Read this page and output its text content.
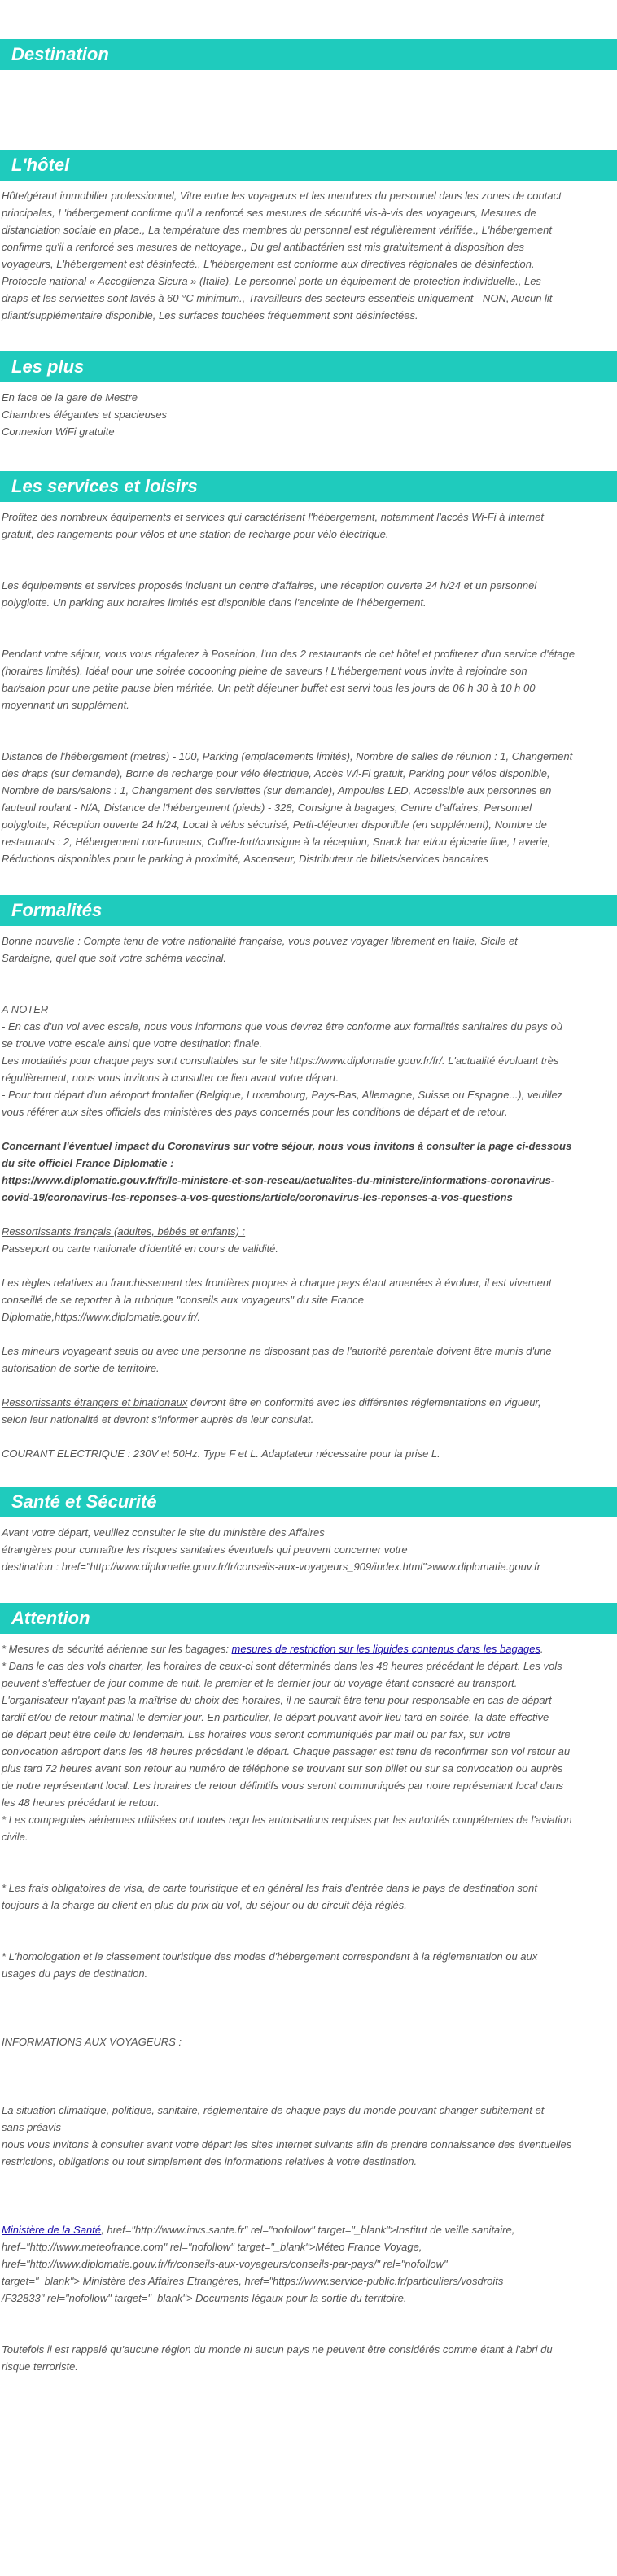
Destination
L'hôtel

Hôte/gérant immobilier professionnel, Vitre entre les voyageurs et les membres du personnel dans les zones de contact

principales, L'hébergement confirme qu'il a renforcé ses mesures de sécurité vis-à-vis des voyageurs, Mesures de

distanciation sociale en place., La température des membres du personnel est régulièrement vérifiée., L'hébergement

confirme qu'il a renforcé ses mesures de nettoyage., Du gel antibactérien est mis gratuitement à disposition des

voyageurs, L'hébergement est désinfecté., L'hébergement est conforme aux directives régionales de désinfection.

Protocole national « Accoglienza Sicura » (Italie), Le personnel porte un équipement de protection individuelle., Les

draps et les serviettes sont lavés à 60 °C minimum., Travailleurs des secteurs essentiels uniquement - NON, Aucun lit

pliant/supplémentaire disponible, Les surfaces touchées fréquemment sont désinfectées.

Les plus

En face de la gare de Mestre

Chambres élégantes et spacieuses

Connexion WiFi gratuite

Les services et loisirs

Profitez des nombreux équipements et services qui caractérisent l'hébergement, notamment l'accès Wi-Fi à Internet

gratuit, des rangements pour vélos et une station de recharge pour vélo électrique.

Les équipements et services proposés incluent un centre d'affaires, une réception ouverte 24 h/24 et un personnel

polyglotte. Un parking aux horaires limités est disponible dans l'enceinte de l'hébergement.

Pendant votre séjour, vous vous régalerez à Poseidon, l'un des 2 restaurants de cet hôtel et profiterez d'un service d'étage

(horaires limités). Idéal pour une soirée cocooning pleine de saveurs ! L'hébergement vous invite à rejoindre son

bar/salon pour une petite pause bien méritée. Un petit déjeuner buffet est servi tous les jours de 06 h 30 à 10 h 00

moyennant un supplément.

Distance de l'hébergement (metres) - 100, Parking (emplacements limités), Nombre de salles de réunion : 1, Changement

des draps (sur demande), Borne de recharge pour vélo électrique, Accès Wi-Fi gratuit, Parking pour vélos disponible,

Nombre de bars/salons : 1, Changement des serviettes (sur demande), Ampoules LED, Accessible aux personnes en

fauteuil roulant - N/A, Distance de l'hébergement (pieds) - 328, Consigne à bagages, Centre d'affaires, Personnel

polyglotte, Réception ouverte 24 h/24, Local à vélos sécurisé, Petit-déjeuner disponible (en supplément), Nombre de

restaurants : 2, Hébergement non-fumeurs, Coffre-fort/consigne à la réception, Snack bar et/ou épicerie fine, Laverie,

Réductions disponibles pour le parking à proximité, Ascenseur, Distributeur de billets/services bancaires

Formalités

Bonne nouvelle : Compte tenu de votre nationalité française, vous pouvez voyager librement en Italie, Sicile et

Sardaigne, quel que soit votre schéma vaccinal.

A NOTER

- En cas d'un vol avec escale, nous vous informons que vous devrez être conforme aux formalités sanitaires du pays où

se trouve votre escale ainsi que votre destination finale.

Les modalités pour chaque pays sont consultables sur le site https://www.diplomatie.gouv.fr/fr/. L'actualité évoluant très

régulièrement, nous vous invitons à consulter ce lien avant votre départ.

- Pour tout départ d'un aéroport frontalier (Belgique, Luxembourg, Pays-Bas, Allemagne, Suisse ou Espagne...), veuillez

vous référer aux sites officiels des ministères des pays concernés pour les conditions de départ et de retour.

Concernant l'éventuel impact du Coronavirus sur votre séjour, nous vous invitons à consulter la page ci-dessous

du site officiel France Diplomatie :

https://www.diplomatie.gouv.fr/fr/le-ministere-et-son-reseau/actualites-du-ministere/informations-coronavirus-

covid-19/coronavirus-les-reponses-a-vos-questions/article/coronavirus-les-reponses-a-vos-questions

Ressortissants français (adultes, bébés et enfants) :

Passeport ou carte nationale d'identité en cours de validité.

Les règles relatives au franchissement des frontières propres à chaque pays étant amenées à évoluer, il est vivement

conseillé de se reporter à la rubrique "conseils aux voyageurs" du site France

Diplomatie,https://www.diplomatie.gouv.fr/.

Les mineurs voyageant seuls ou avec une personne ne disposant pas de l'autorité parentale doivent être munis d'une

autorisation de sortie de territoire.

Ressortissants étrangers et binationaux devront être en conformité avec les différentes réglementations en vigueur,

selon leur nationalité et devront s'informer auprès de leur consulat.

COURANT ELECTRIQUE : 230V et 50Hz. Type F et L. Adaptateur nécessaire pour la prise L.

Santé et Sécurité

Avant votre départ, veuillez consulter le site du ministère des Affaires

étrangères pour connaître les risques sanitaires éventuels qui peuvent concerner votre

destination : href="http://www.diplomatie.gouv.fr/fr/conseils-aux-voyageurs_909/index.html">www.diplomatie.gouv.fr

Attention

* Mesures de sécurité aérienne sur les bagages: mesures de restriction sur les liquides contenus dans les bagages.

* Dans le cas des vols charter, les horaires de ceux-ci sont déterminés dans les 48 heures précédant le départ. Les vols

peuvent s'effectuer de jour comme de nuit, le premier et le dernier jour du voyage étant consacré au transport.

L'organisateur n'ayant pas la maîtrise du choix des horaires, il ne saurait être tenu pour responsable en cas de départ

tardif et/ou de retour matinal le dernier jour. En particulier, le départ pouvant avoir lieu tard en soirée, la date effective

de départ peut être celle du lendemain. Les horaires vous seront communiqués par mail ou par fax, sur votre

convocation aéroport dans les 48 heures précédant le départ. Chaque passager est tenu de reconfirmer son vol retour au

plus tard 72 heures avant son retour au numéro de téléphone se trouvant sur son billet ou sur sa convocation ou auprès

de notre représentant local. Les horaires de retour définitifs vous seront communiqués par notre représentant local dans

les 48 heures précédant le retour.

* Les compagnies aériennes utilisées ont toutes reçu les autorisations requises par les autorités compétentes de l'aviation

civile.

* Les frais obligatoires de visa, de carte touristique et en général les frais d'entrée dans le pays de destination sont

toujours à la charge du client en plus du prix du vol, du séjour ou du circuit déjà réglés.

* L'homologation et le classement touristique des modes d'hébergement correspondent à la réglementation ou aux

usages du pays de destination.

INFORMATIONS AUX VOYAGEURS :

La situation climatique, politique, sanitaire, réglementaire de chaque pays du monde pouvant changer subitement et

sans préavis

nous vous invitons à consulter avant votre départ les sites Internet suivants afin de prendre connaissance des éventuelles

restrictions, obligations ou tout simplement des informations relatives à votre destination.

Ministère de la Santé, href="http://www.invs.sante.fr" rel="nofollow" target="_blank">Institut de veille sanitaire,

href="http://www.meteofrance.com" rel="nofollow" target="_blank">Méteo France Voyage,

href="http://www.diplomatie.gouv.fr/fr/conseils-aux-voyageurs/conseils-par-pays/" rel="nofollow"

target="_blank"> Ministère des Affaires Etrangères, href="https://www.service-public.fr/particuliers/vosdroits

/F32833" rel="nofollow" target="_blank"> Documents légaux pour la sortie du territoire.

Toutefois il est rappelé qu'aucune région du monde ni aucun pays ne peuvent être considérés comme étant à l'abri du

risque terroriste.
